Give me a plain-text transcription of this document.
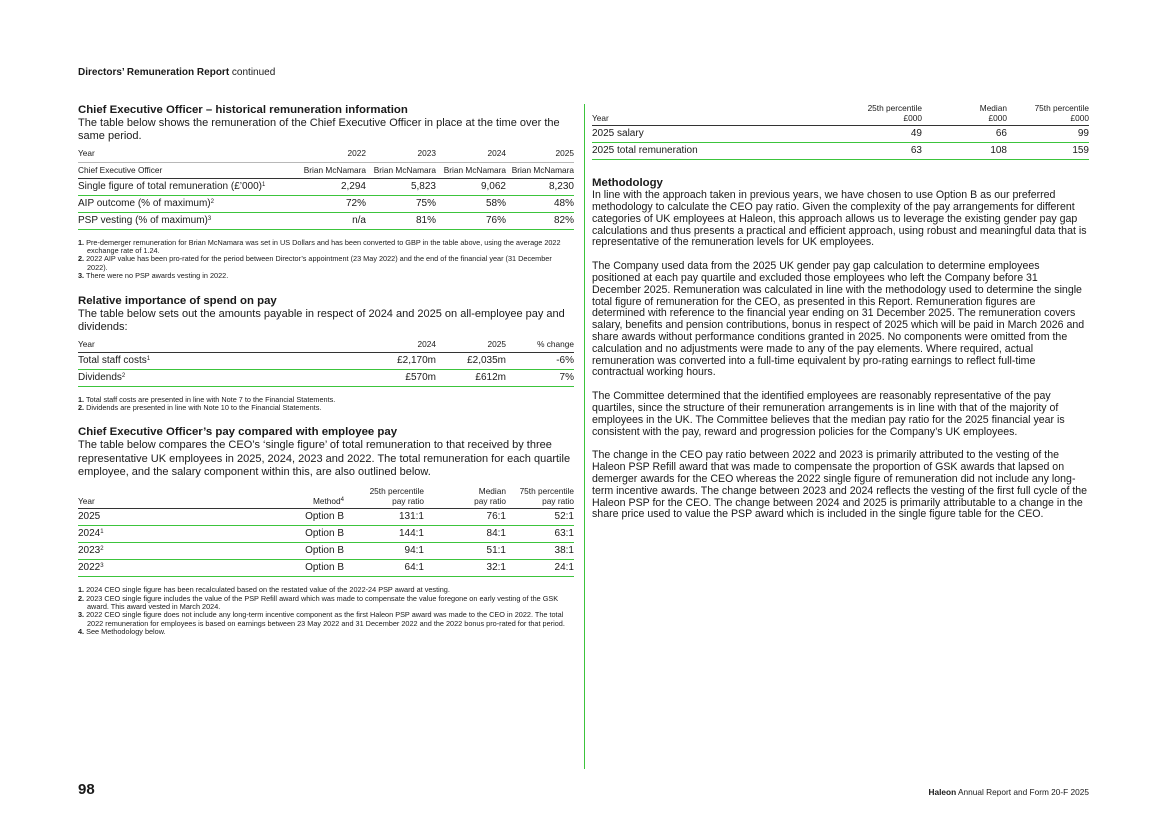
Directors’ Remuneration Report continued
Chief Executive Officer – historical remuneration information

The table below shows the remuneration of the Chief Executive Officer in place at the time over the same period.

Year	2022	2023	2024	2025
Chief Executive Officer	Brian McNamara	Brian McNamara	Brian McNamara	Brian McNamara
Single figure of total remuneration (£’000)$^1$	2,294	5,823	9,062	8,230
AIP outcome (% of maximum)$^2$	72%	75%	58%	48%
PSP vesting (% of maximum)$^3$	n/a	81%	76%	82%

1. Pre-demerger remuneration for Brian McNamara was set in US Dollars and has been converted to GBP in the table above, using the average 2022 exchange rate of 1.24.

2. 2022 AIP value has been pro-rated for the period between Director’s appointment (23 May 2022) and the end of the financial year (31 December 2022).

3. There were no PSP awards vesting in 2022.

Relative importance of spend on pay

The table below sets out the amounts payable in respect of 2024 and 2025 on all-employee pay and dividends:

Year	2024	2025	% change
Total staff costs$^1$	£2,170m	£2,035m	-6%
Dividends$^2$	£570m	£612m	7%

1. Total staff costs are presented in line with Note 7 to the Financial Statements.

2. Dividends are presented in line with Note 10 to the Financial Statements.

Chief Executive Officer’s pay compared with employee pay

The table below compares the CEO’s ‘single figure’ of total remuneration to that received by three representative UK employees in 2025, 2024, 2023 and 2022. The total remuneration for each quartile employee, and the salary component within this, are also outlined below.

Year	Method$^4$	25th percentile pay ratio	Median pay ratio	75th percentile pay ratio

2025	Option B	131:1	76:1	52:1
2024$^1$	Option B	144:1	84:1	63:1
2023$^2$	Option B	94:1	51:1	38:1
2022$^3$	Option B	64:1	32:1	24:1

1. 2024 CEO single figure has been recalculated based on the restated value of the 2022-24 PSP award at vesting.

2. 2023 CEO single figure includes the value of the PSP Refill award which was made to compensate the value foregone on early vesting of the GSK award. This award vested in March 2024.

3. 2022 CEO single figure does not include any long-term incentive component as the first Haleon PSP award was made to the CEO in 2022. The total 2022 remuneration for employees is based on earnings between 23 May 2022 and 31 December 2022 and the 2022 bonus pro-rated for that period.

4. See Methodology below.

Year	25th percentile £000	Median £000	75th percentile £000

2025 salary	49	66	99
2025 total remuneration	63	108	159
Methodology

In line with the approach taken in previous years, we have chosen to use Option B as our preferred methodology to calculate the CEO pay ratio. Given the complexity of the pay arrangements for different categories of UK employees at Haleon, this approach allows us to leverage the existing gender pay gap calculations and thus presents a practical and efficient approach, using robust and meaningful data that is representative of the remuneration levels for UK employees.

The Company used data from the 2025 UK gender pay gap calculation to determine employees positioned at each pay quartile and excluded those employees who left the Company before 31 December 2025. Remuneration was calculated in line with the methodology used to determine the single total figure of remuneration for the CEO, as presented in this Report. Remuneration figures are determined with reference to the financial year ending on 31 December 2025. The remuneration covers salary, benefits and pension contributions, bonus in respect of 2025 which will be paid in March 2026 and share awards without performance conditions granted in 2025. No components were omitted from the calculation and no adjustments were made to any of the pay elements. Where required, actual remuneration was converted into a full-time equivalent by pro-rating earnings to reflect full-time contractual working hours.

The Committee determined that the identified employees are reasonably representative of the pay quartiles, since the structure of their remuneration arrangements is in line with that of the majority of employees in the UK. The Committee believes that the median pay ratio for the 2025 financial year is consistent with the pay, reward and progression policies for the Company’s UK employees.

The change in the CEO pay ratio between 2022 and 2023 is primarily attributed to the vesting of the Haleon PSP Refill award that was made to compensate the proportion of GSK awards that lapsed on demerger awards for the CEO whereas the 2022 single figure of remuneration did not include any long-term incentive awards. The change between 2023 and 2024 reflects the vesting of the first full cycle of the Haleon PSP for the CEO. The change between 2024 and 2025 is primarily attributable to a change in the share price used to value the PSP award which is included in the single figure table for the CEO.

98	Haleon Annual Report and Form 20-F 2025
